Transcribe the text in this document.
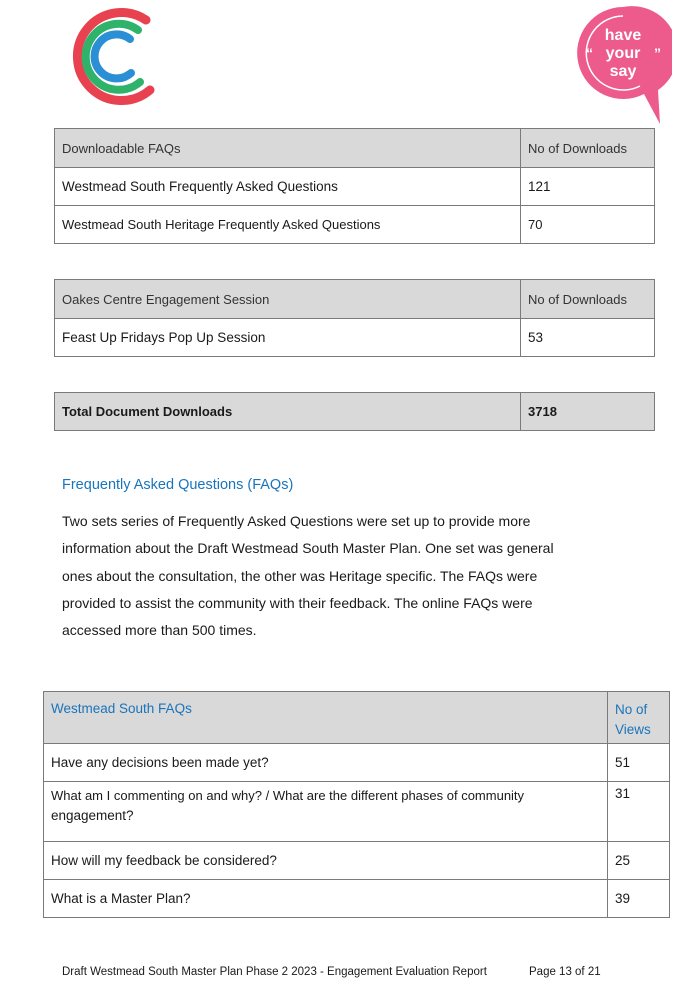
have
your
say
“	”
Downloadable FAQs	No of Downloads
Westmead South Frequently Asked Questions	121
Westmead South Heritage Frequently Asked Questions	70
Oakes Centre Engagement Session	No of Downloads
Feast Up Fridays Pop Up Session	53
Total Document Downloads	3718
Frequently Asked Questions (FAQs)
Two sets series of Frequently Asked Questions were set up to provide more
information about the Draft Westmead South Master Plan. One set was general
ones about the consultation, the other was Heritage specific. The FAQs were
provided to assist the community with their feedback. The online FAQs were
accessed more than 500 times.
Westmead South FAQs	No of
Views

Have any decisions been made yet?	51

What am I commenting on and why? / What are the different phases of community
engagement?	31
How will my feedback be considered?	25
What is a Master Plan?	39
Draft Westmead South Master Plan Phase 2 2023 - Engagement Evaluation Report	Page 13 of 21
